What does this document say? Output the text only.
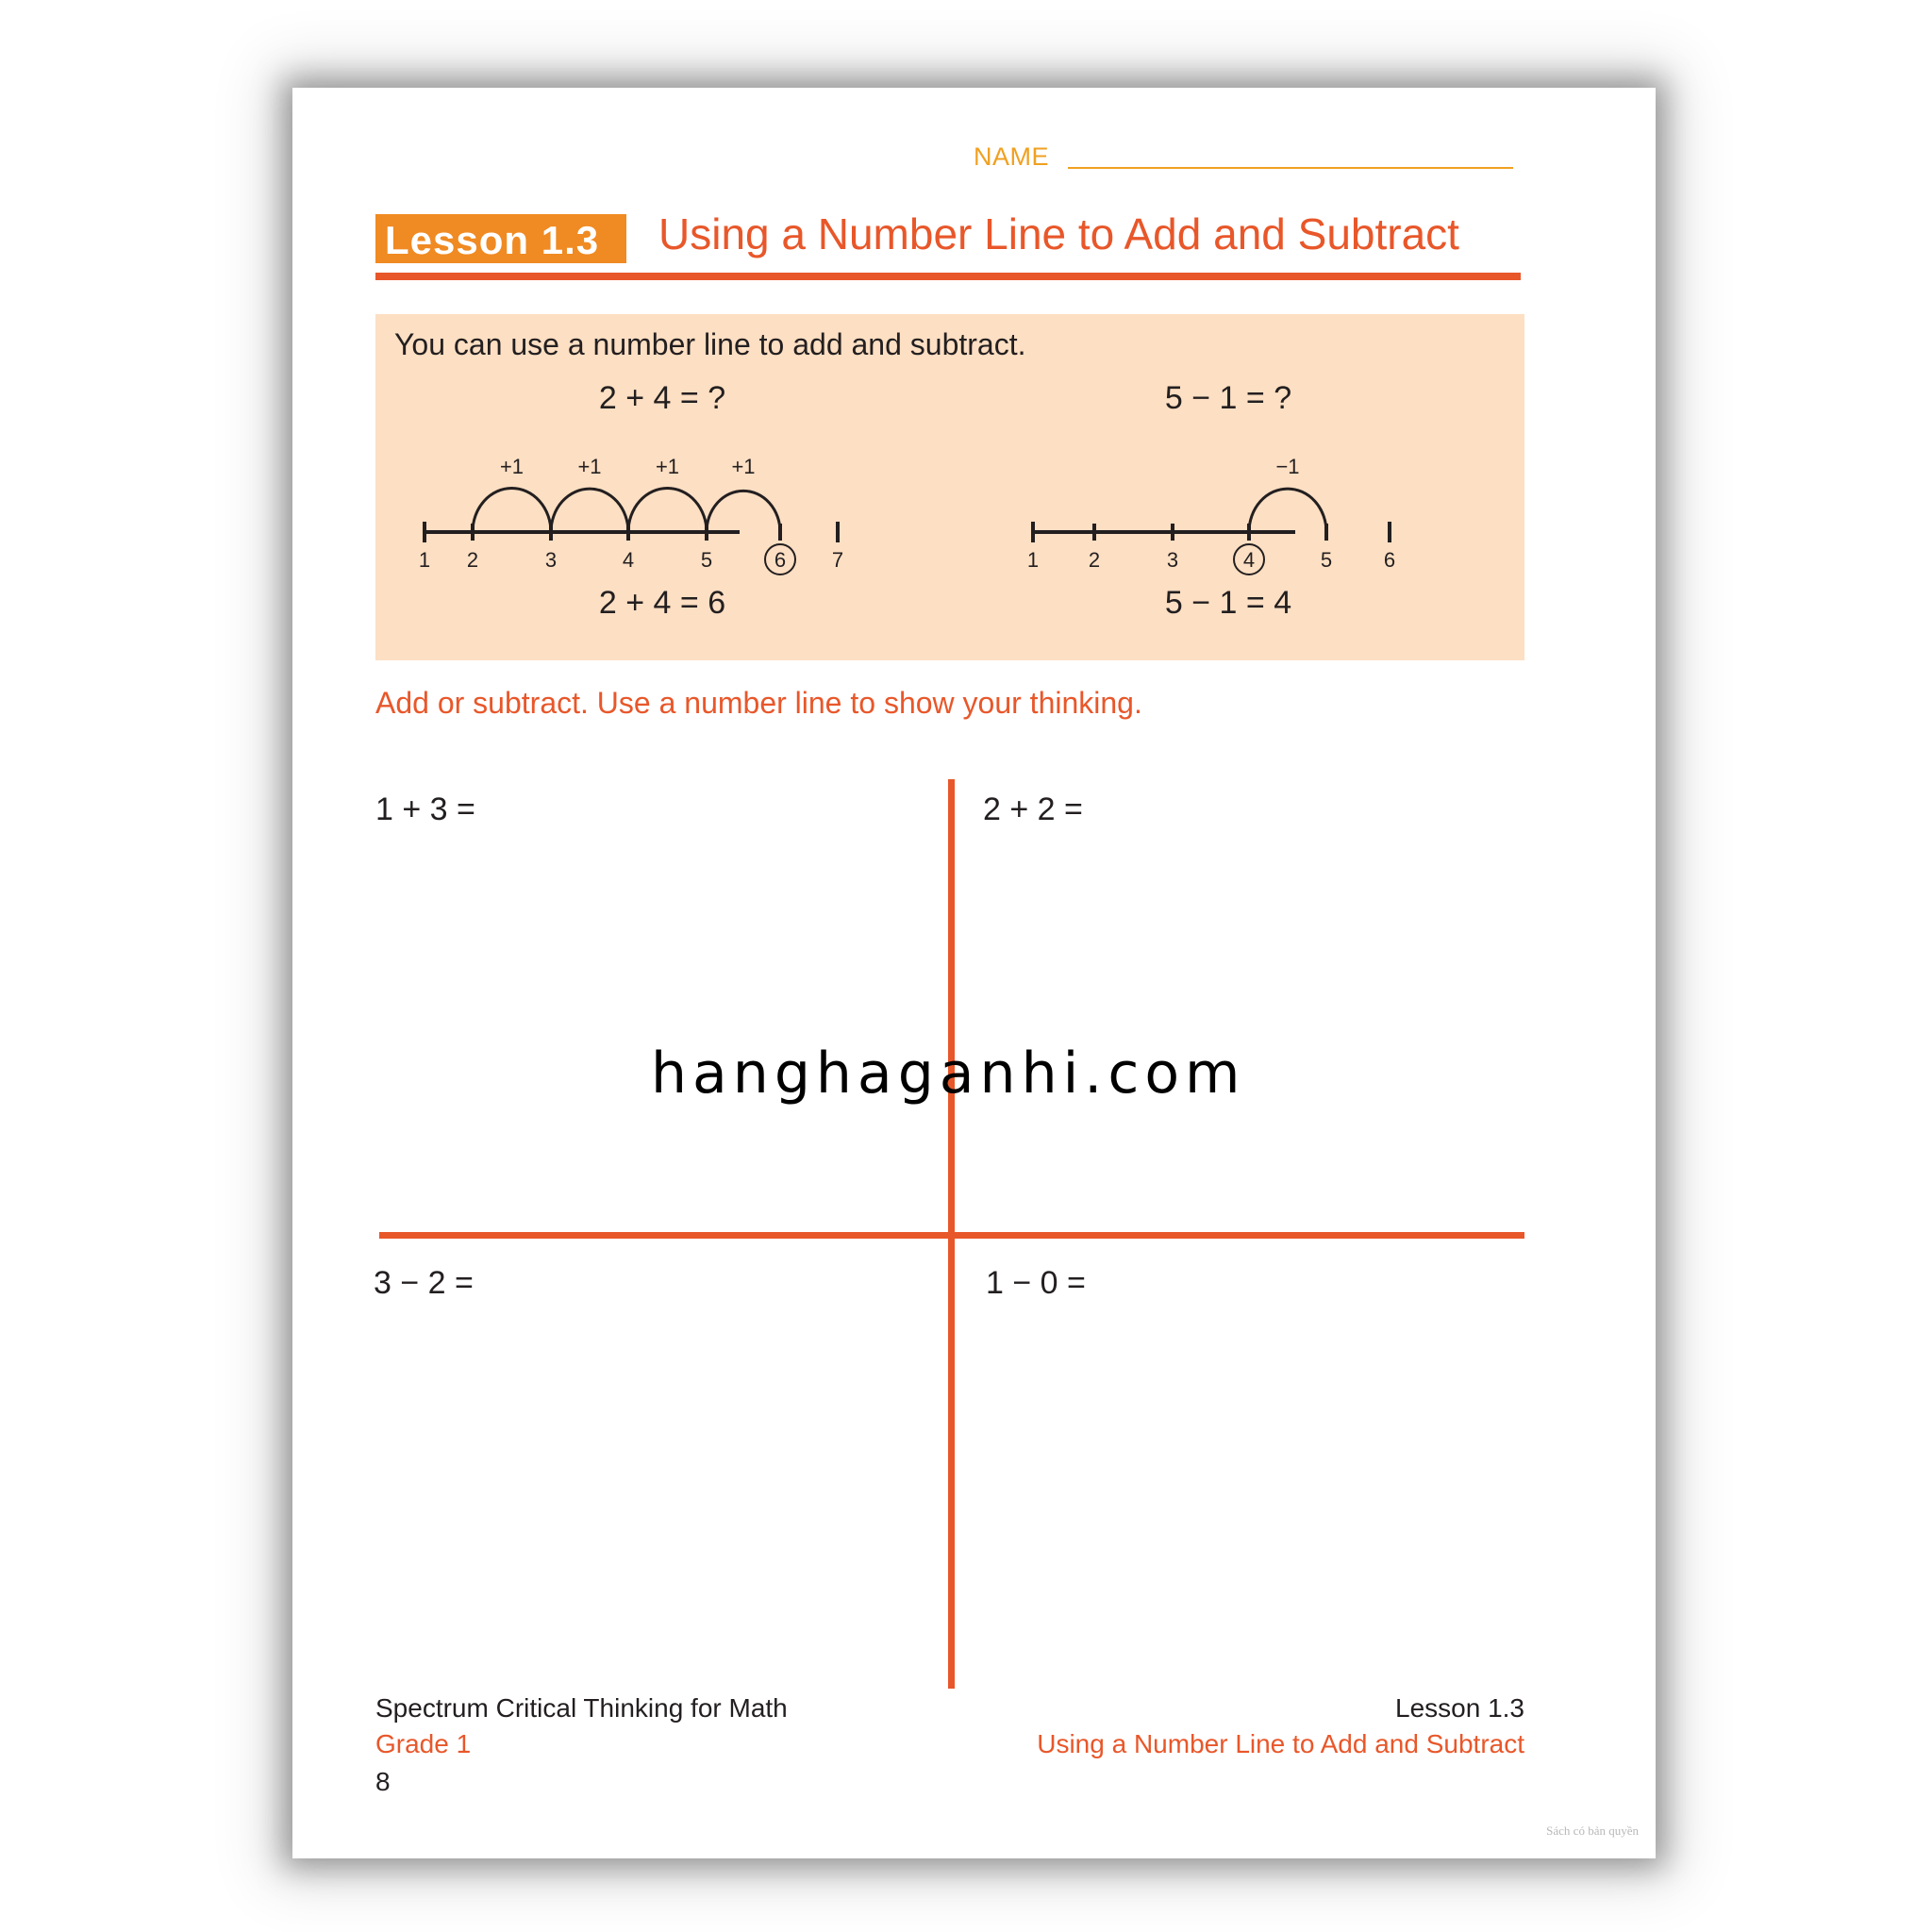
NAME
Lesson 1.3 Using a Number Line to Add and Subtract
You can use a number line to add and subtract.
2 + 4 = ?	5 − 1 = ?
+1	+1	+1	+1
1 2	3	4	5	6 7
−1
1 2	3	4	5 6
2 + 4 = 6	5 − 1 = 4
Add or subtract. Use a number line to show your thinking.
1 + 3 =	2 + 2 =
3 − 2 =	1 − 0 =
Spectrum Critical Thinking for Math
Grade 1
8
Lesson 1.3
Using a Number Line to Add and Subtract
Sách có bản quyền
hanghaganhi.com
